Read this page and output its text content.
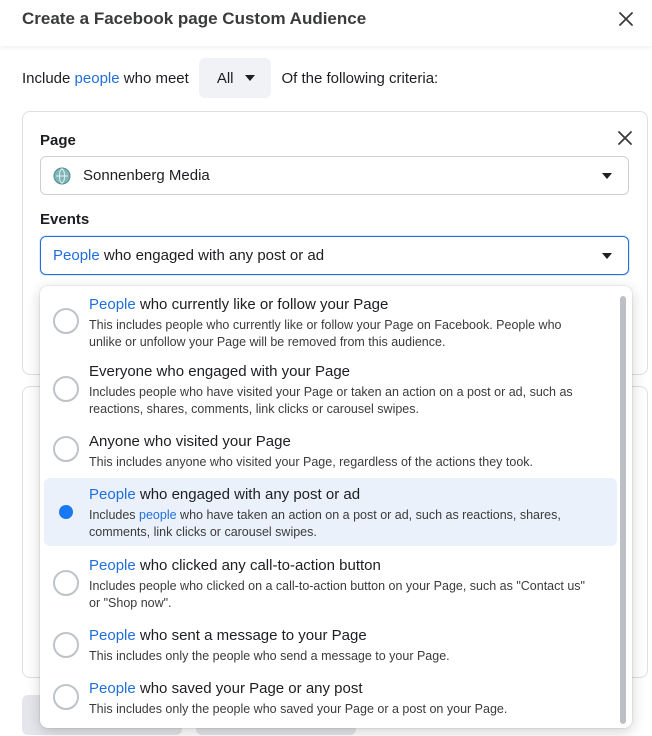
Create a Facebook page Custom Audience
Include
people
who meet All	Of the following criteria:
Page
Sonnenberg Media
Events
People who engaged with any post or ad
People who currently like or follow your Page
This includes people who currently like or follow your Page on Facebook. People who
unlike or unfollow your Page will be removed from this audience.
Everyone who engaged with your Page
Includes people who have visited your Page or taken an action on a post or ad, such as
reactions, shares, comments, link clicks or carousel swipes.
Anyone who visited your Page
This includes anyone who visited your Page, regardless of the actions they took.
People who engaged with any post or ad
Includes people who have taken an action on a post or ad, such as reactions, shares,
comments, link clicks or carousel swipes.
People who clicked any call-to-action button
Includes people who clicked on a call-to-action button on your Page, such as "Contact us"
or "Shop now".
People who sent a message to your Page
This includes only the people who send a message to your Page.
People who saved your Page or any post
This includes only the people who saved your Page or a post on your Page.
